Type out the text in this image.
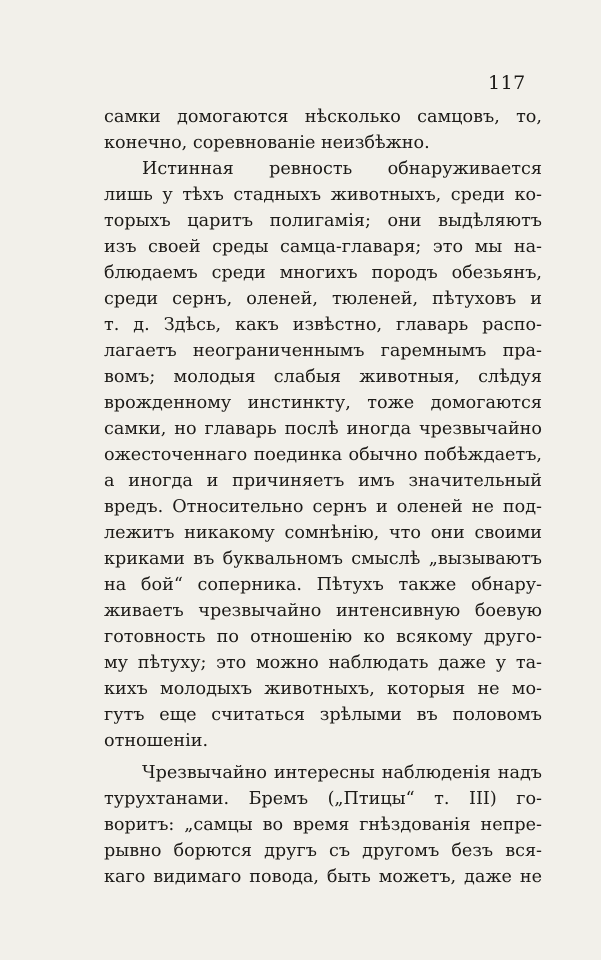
117
самки домогаются нѣсколько самцовъ, то,
конечно, соревнованіе неизбѣжно.
Истинная ревность обнаруживается
лишь у тѣхъ стадныхъ животныхъ, среди ко-
торыхъ царитъ полигамія; они выдѣляютъ
изъ своей среды самца-главаря; это мы на-
блюдаемъ среди многихъ породъ обезьянъ,
среди сернъ, оленей, тюленей, пѣтуховъ и
т. д. Здѣсь, какъ извѣстно, главарь распо-
лагаетъ неограниченнымъ гаремнымъ пра-
вомъ; молодыя слабыя животныя, слѣдуя
врожденному инстинкту, тоже домогаются
самки, но главарь послѣ иногда чрезвычайно
ожесточеннаго поединка обычно побѣждаетъ,
а иногда и причиняетъ имъ значительный
вредъ. Относительно сернъ и оленей не под-
лежитъ никакому сомнѣнію, что они своими
криками въ буквальномъ смыслѣ „вызываютъ
на бой“ соперника. Пѣтухъ также обнару-
живаетъ чрезвычайно интенсивную боевую
готовность по отношенію ко всякому друго-
му пѣтуху; это можно наблюдать даже у та-
кихъ молодыхъ животныхъ, которыя не мо-
гутъ еще считаться зрѣлыми въ половомъ
отношеніи.
Чрезвычайно интересны наблюденія надъ
турухтанами. Бремъ („Птицы“ т. III) го-
воритъ: „самцы во время гнѣздованія непре-
рывно борются другъ съ другомъ безъ вся-
каго видимаго повода, быть можетъ, даже не
